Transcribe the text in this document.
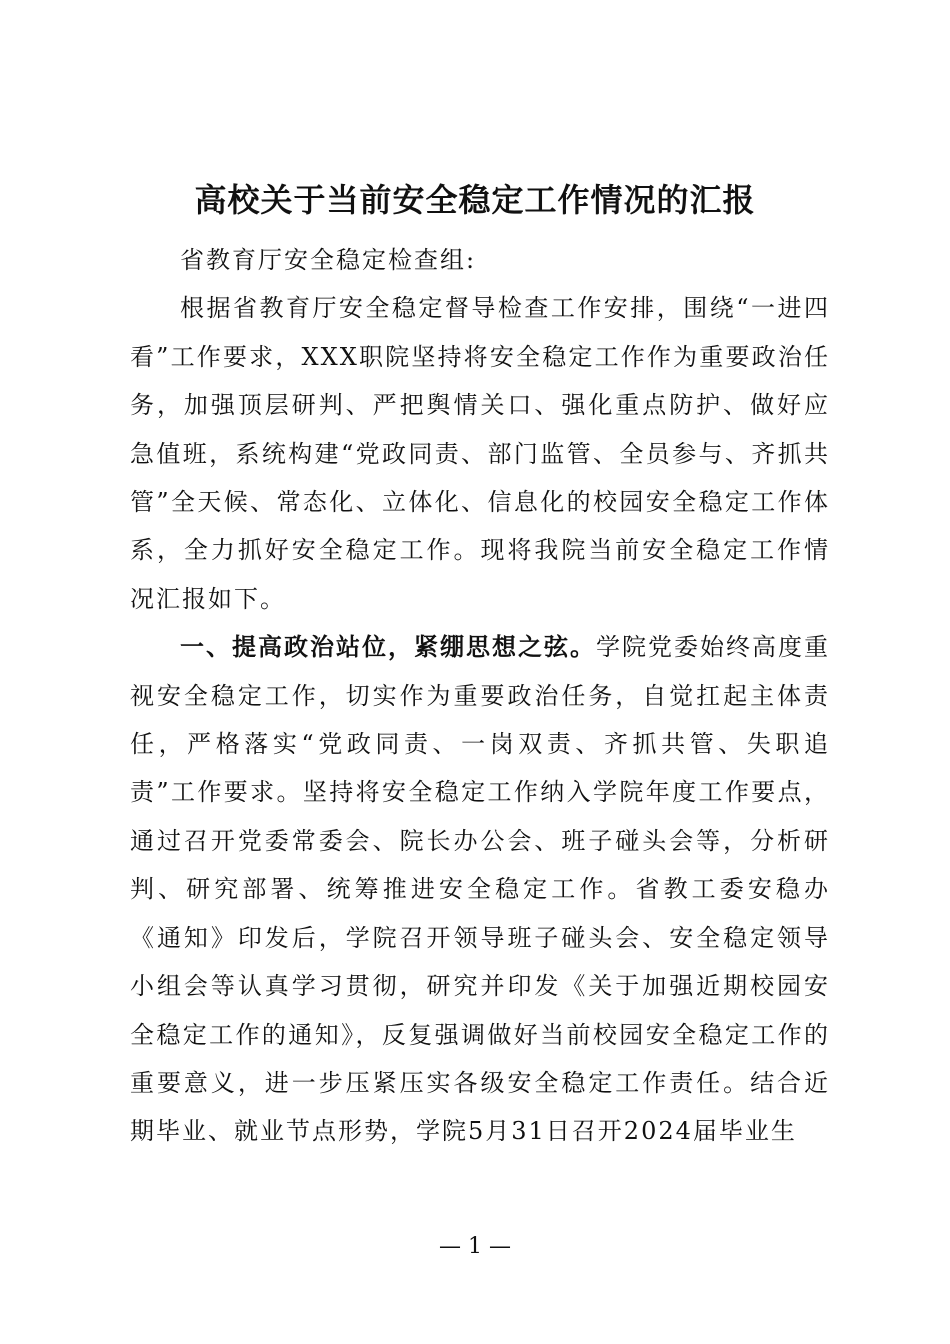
高校关于当前安全稳定工作情况的汇报

省教育厅安全稳定检查组:

根据省教育厅安全稳定督导检查工作安排，围绕“一进四看”工作要求，XXX职院坚持将安全稳定工作作为重要政治任务，加强顶层研判、严把舆情关口、强化重点防护、做好应急值班，系统构建“党政同责、部门监管、全员参与、齐抓共管”全天候、常态化、立体化、信息化的校园安全稳定工作体系，全力抓好安全稳定工作。现将我院当前安全稳定工作情况汇报如下。

一、提高政治站位，紧绷思想之弦。学院党委始终高度重视安全稳定工作，切实作为重要政治任务，自觉扛起主体责任，严格落实“党政同责、一岗双责、齐抓共管、失职追责”工作要求。坚持将安全稳定工作纳入学院年度工作要点，通过召开党委常委会、院长办公会、班子碰头会等，分析研判、研究部署、统筹推进安全稳定工作。省教工委安稳办《通知》印发后，学院召开领导班子碰头会、安全稳定领导小组会等认真学习贯彻，研究并印发《关于加强近期校园安全稳定工作的通知》，反复强调做好当前校园安全稳定工作的重要意义，进一步压紧压实各级安全稳定工作责任。结合近期毕业、就业节点形势，学院5月31日召开2024届毕业生

— 1 —
